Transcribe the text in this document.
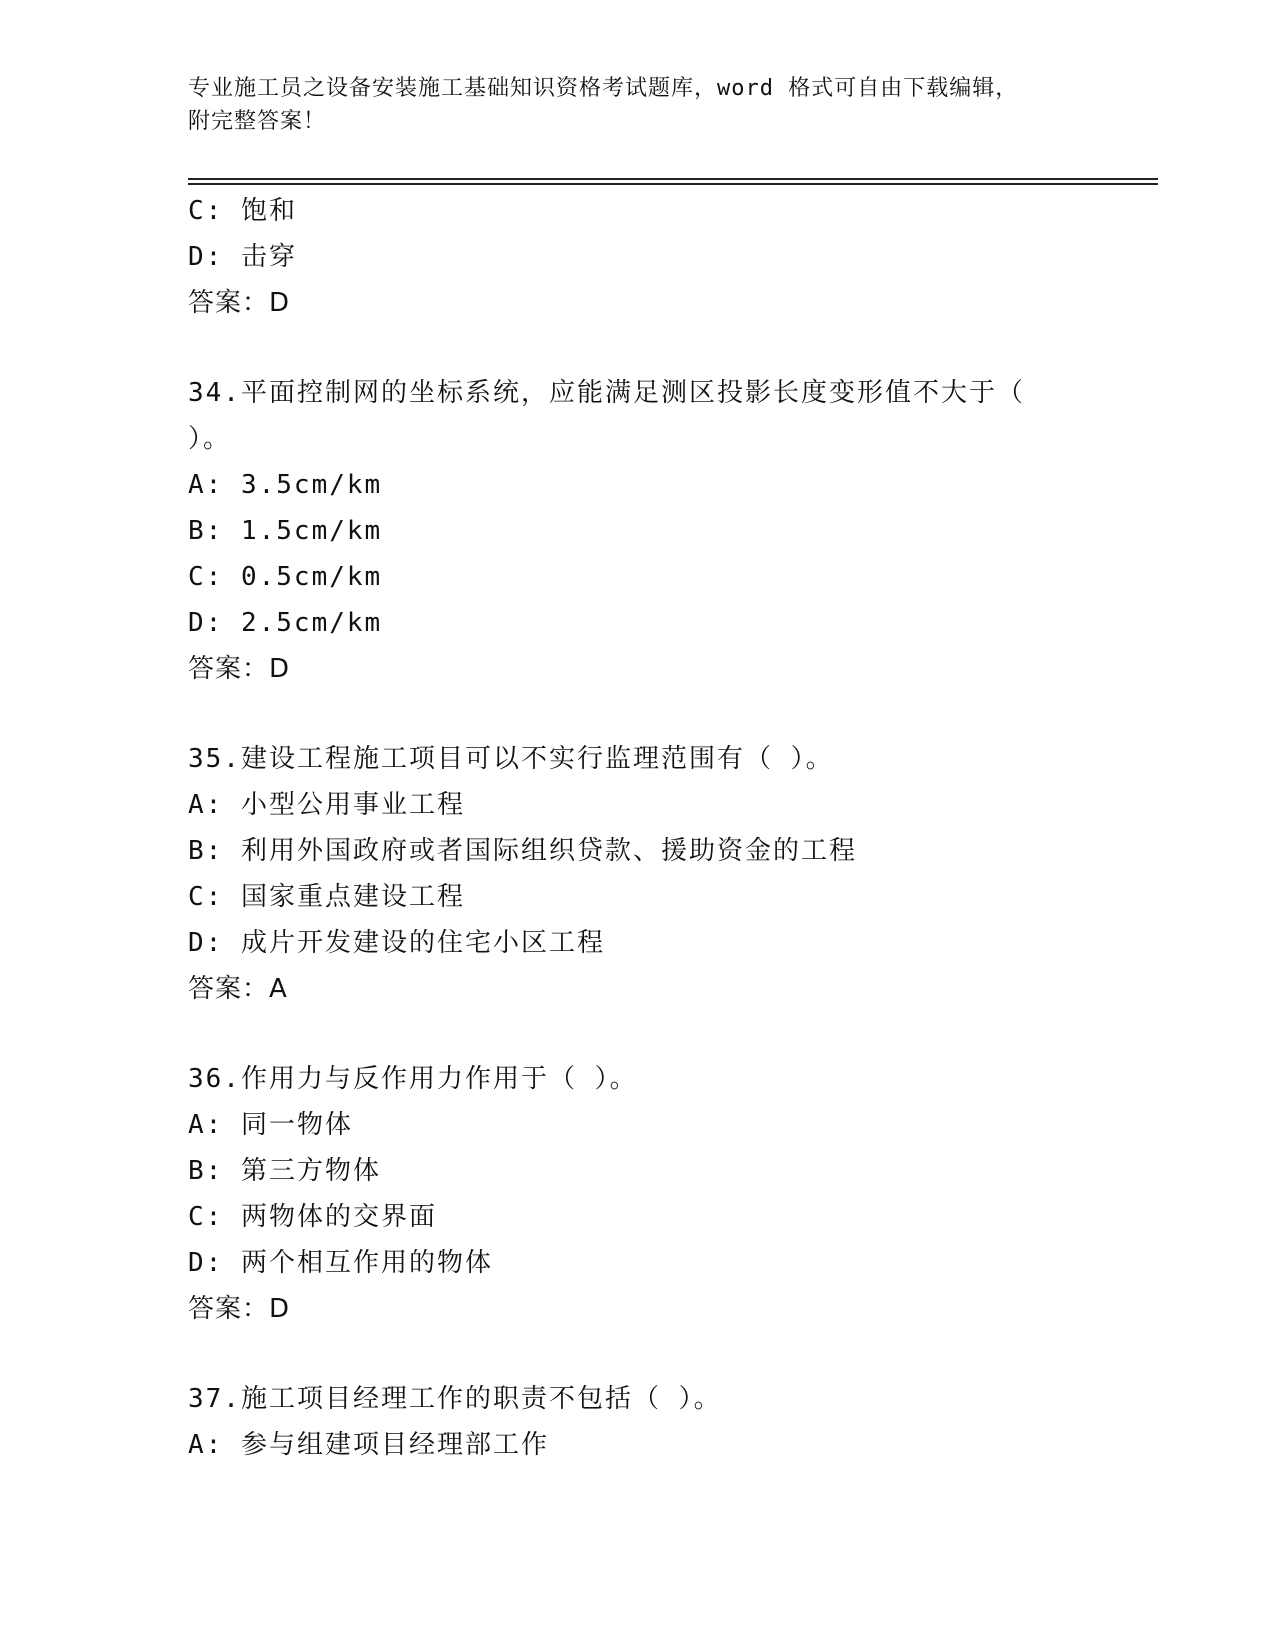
专业施工员之设备安装施工基础知识资格考试题库，word 格式可自由下载编辑，
附完整答案！
C: 饱和
D: 击穿
答案：D
34.平面控制网的坐标系统，应能满足测区投影长度变形值不大于（
）。
A: 3.5cm/km
B: 1.5cm/km
C: 0.5cm/km
D: 2.5cm/km
答案：D
35.建设工程施工项目可以不实行监理范围有（ ）。
A: 小型公用事业工程
B: 利用外国政府或者国际组织贷款、援助资金的工程
C: 国家重点建设工程
D: 成片开发建设的住宅小区工程
答案：A
36.作用力与反作用力作用于（ ）。
A: 同一物体
B: 第三方物体
C: 两物体的交界面
D: 两个相互作用的物体
答案：D
37.施工项目经理工作的职责不包括（ ）。
A: 参与组建项目经理部工作
